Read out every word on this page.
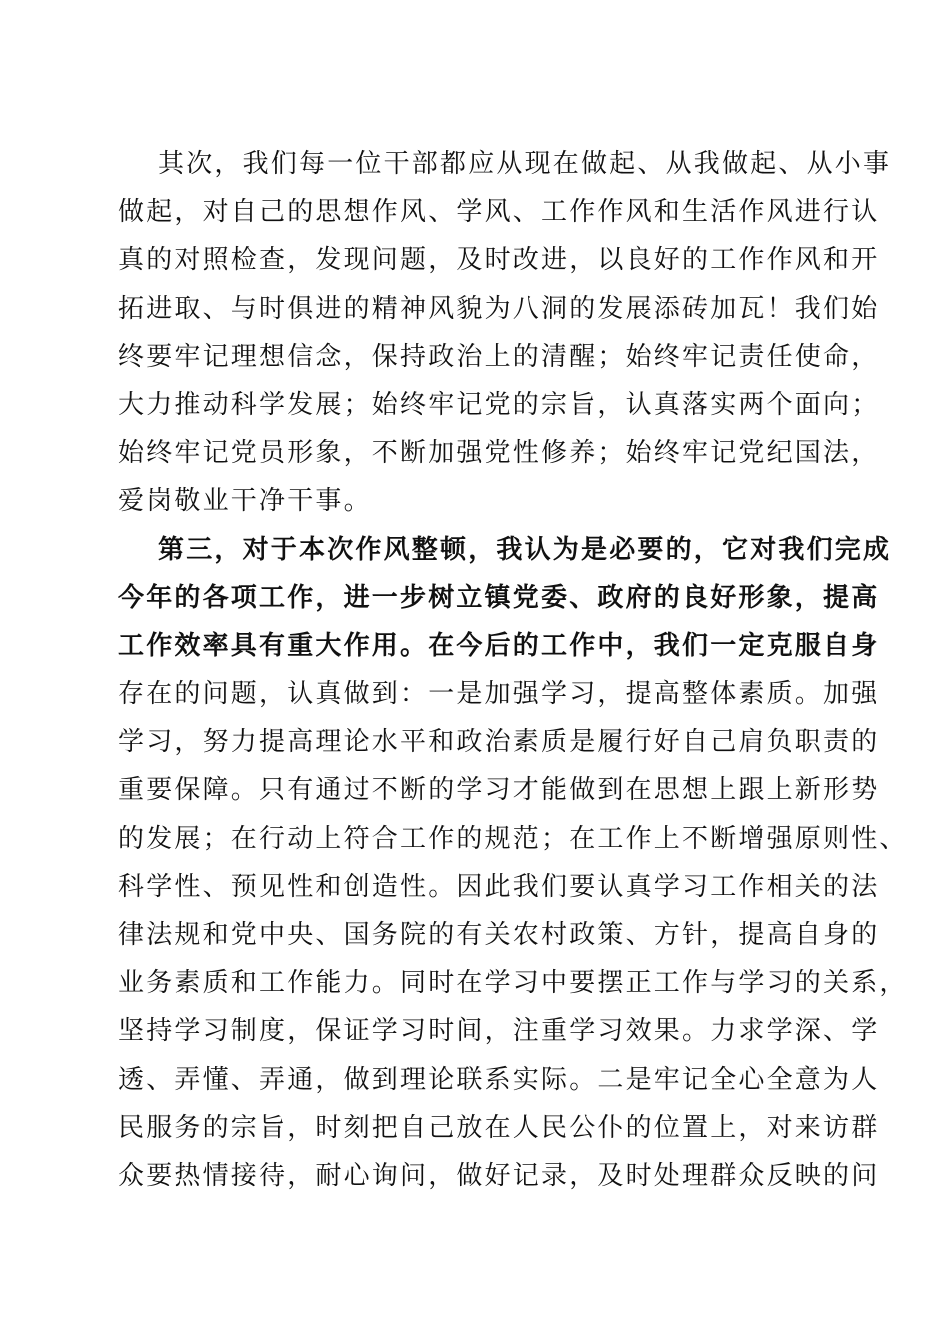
其次，我们每一位干部都应从现在做起、从我做起、从小事
做起，对自己的思想作风、学风、工作作风和生活作风进行认
真的对照检查，发现问题，及时改进，以良好的工作作风和开
拓进取、与时俱进的精神风貌为八洞的发展添砖加瓦！我们始
终要牢记理想信念，保持政治上的清醒；始终牢记责任使命，
大力推动科学发展；始终牢记党的宗旨，认真落实两个面向；
始终牢记党员形象，不断加强党性修养；始终牢记党纪国法，
爱岗敬业干净干事。
第三，对于本次作风整顿，我认为是必要的，它对我们完成
今年的各项工作，进一步树立镇党委、政府的良好形象，提高
工作效率具有重大作用。在今后的工作中，我们一定克服自身
存在的问题，认真做到：一是加强学习，提高整体素质。加强
学习，努力提高理论水平和政治素质是履行好自己肩负职责的
重要保障。只有通过不断的学习才能做到在思想上跟上新形势
的发展；在行动上符合工作的规范；在工作上不断增强原则性、
科学性、预见性和创造性。因此我们要认真学习工作相关的法
律法规和党中央、国务院的有关农村政策、方针，提高自身的
业务素质和工作能力。同时在学习中要摆正工作与学习的关系，
坚持学习制度，保证学习时间，注重学习效果。力求学深、学
透、弄懂、弄通，做到理论联系实际。二是牢记全心全意为人
民服务的宗旨，时刻把自己放在人民公仆的位置上，对来访群
众要热情接待，耐心询问，做好记录，及时处理群众反映的问
